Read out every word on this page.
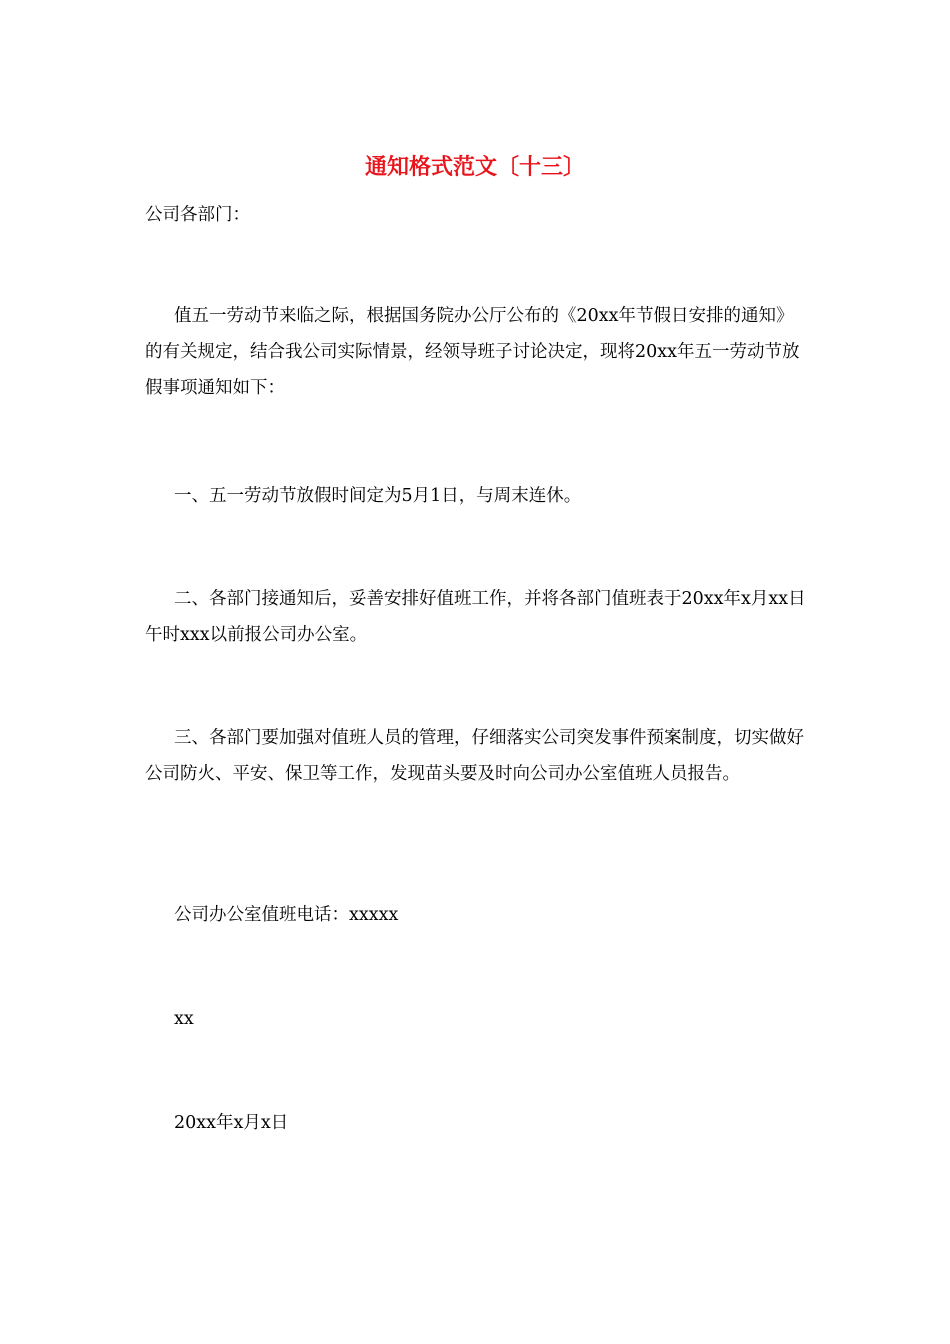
通知格式范文〔十三〕

公司各部门：

值五一劳动节来临之际，根据国务院办公厅公布的《20xx年节假日安排的通知》的有关规定，结合我公司实际情景，经领导班子讨论决定，现将20xx年五一劳动节放假事项通知如下：

一、五一劳动节放假时间定为5月1日，与周末连休。

二、各部门接通知后，妥善安排好值班工作，并将各部门值班表于20xx年x月xx日午时xxx以前报公司办公室。

三、各部门要加强对值班人员的管理，仔细落实公司突发事件预案制度，切实做好公司防火、平安、保卫等工作，发现苗头要及时向公司办公室值班人员报告。

公司办公室值班电话：xxxxx

xx

20xx年x月x日
